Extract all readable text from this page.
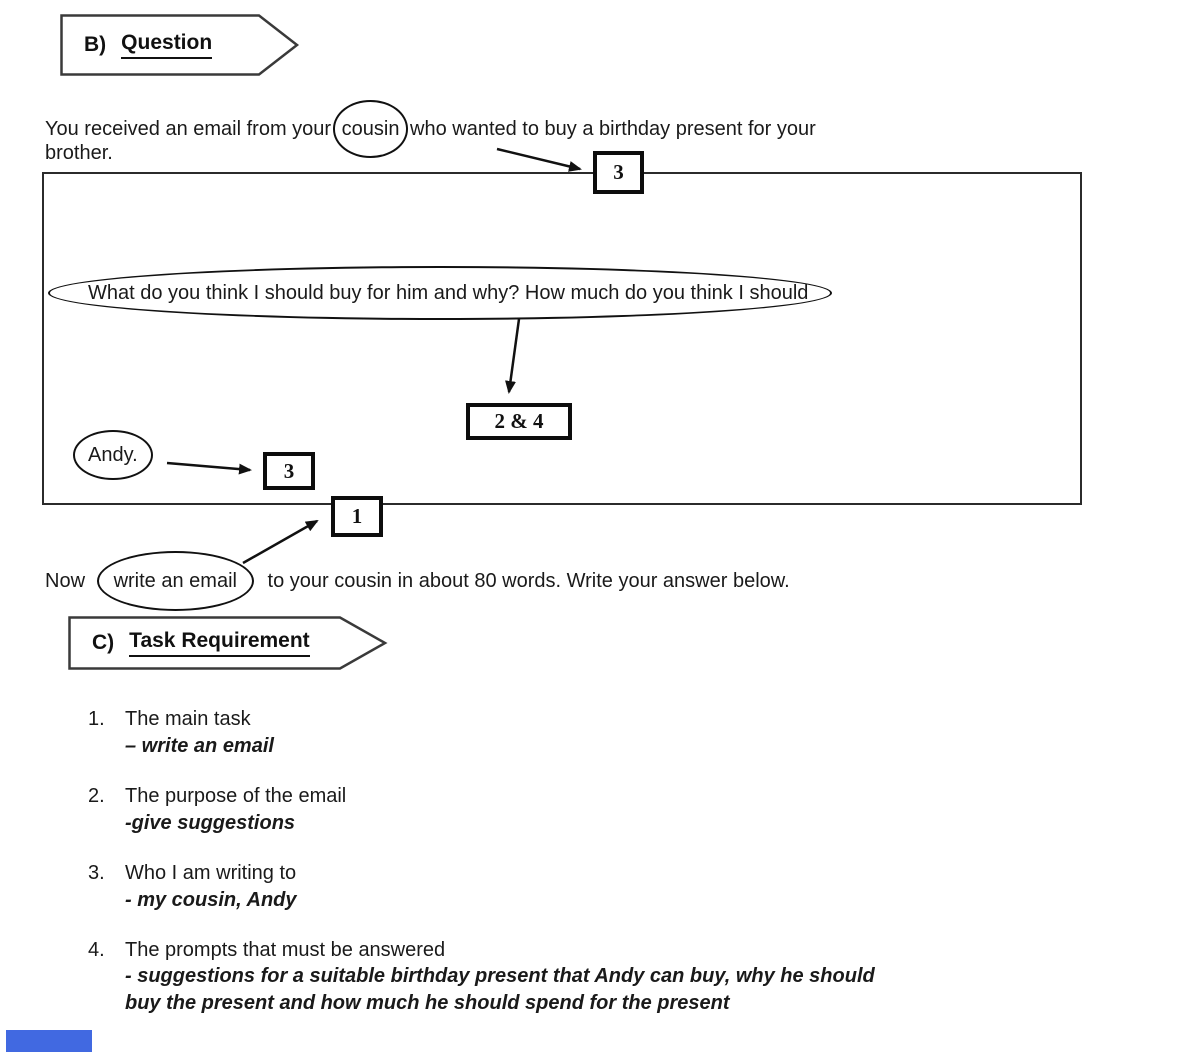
B) Question
You received an email from your cousin who wanted to buy a birthday present for your
brother.
What do you think I should buy for him and why? How much do you think I should
Andy.
3
2 & 4
3
1
Now write an email to your cousin in about 80 words. Write your answer below.
C) Task Requirement
1. The main task
– write an email
2. The purpose of the email
-give suggestions
3. Who I am writing to
- my cousin, Andy
4. The prompts that must be answered
- suggestions for a suitable birthday present that Andy can buy, why he should
buy the present and how much he should spend for the present
